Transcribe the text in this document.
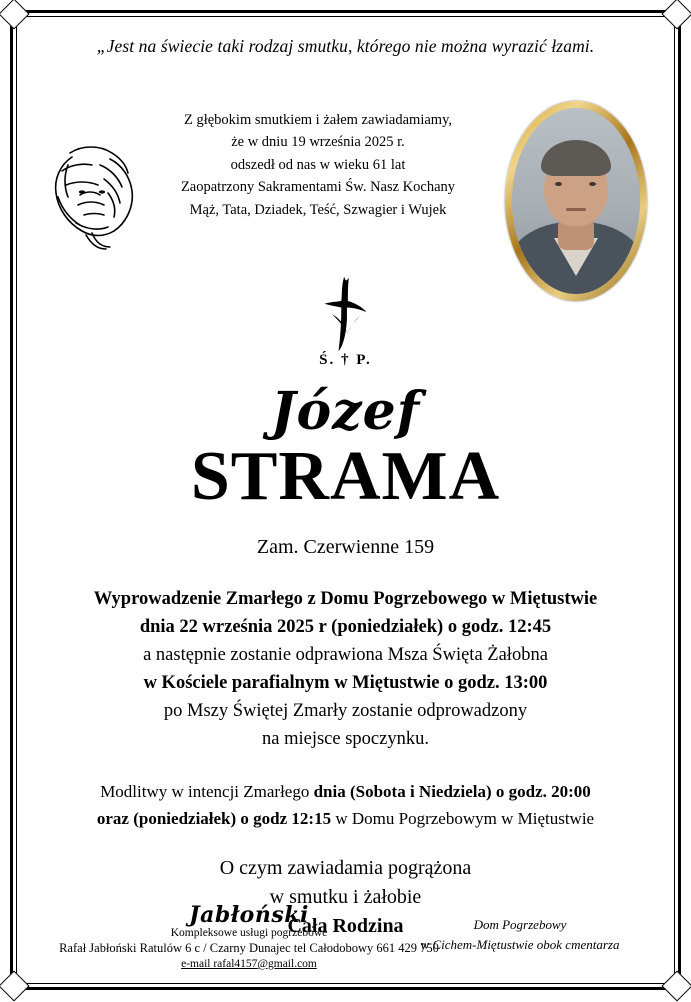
„Jest na świecie taki rodzaj smutku, którego nie można wyrazić łzami.
Z głębokim smutkiem i żałem zawiadamiamy,
że w dniu 19 września 2025 r.
odszedł od nas w wieku 61 lat
Zaopatrzony Sakramentami Św. Nasz Kochany
Mąż, Tata, Dziadek, Teść, Szwagier i Wujek
Ś. † P.
Józef
STRAMA
Zam. Czerwienne 159
Wyprowadzenie Zmarłego z Domu Pogrzebowego w Miętustwie
dnia 22 września 2025 r (poniedziałek) o godz. 12:45
a następnie zostanie odprawiona Msza Święta Żałobna
w Kościele parafialnym w Miętustwie o godz. 13:00
po Mszy Świętej Zmarły zostanie odprowadzony
na miejsce spoczynku.
Modlitwy w intencji Zmarłego dnia (Sobota i Niedziela) o godz. 20:00
oraz (poniedziałek) o godz 12:15 w Domu Pogrzebowym w Miętustwie
O czym zawiadamia pogrążona
w smutku i żałobie
Cała Rodzina
Jabłoński
Kompleksowe usługi pogrzebowe
Rafał Jabłoński Ratulów 6 c / Czarny Dunajec tel Całodobowy 661 429 750
e-mail rafal4157@gmail.com
Dom Pogrzebowy
w Cichem-Miętustwie obok cmentarza
